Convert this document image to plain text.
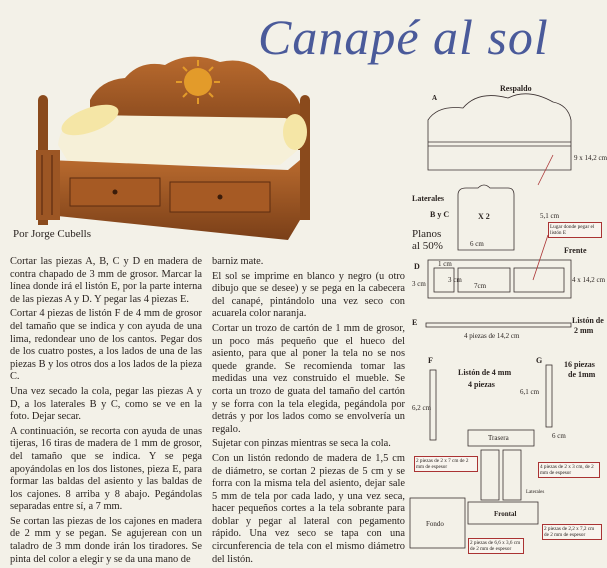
Canapé al sol
Por Jorge Cubells

Cortar las piezas A, B, C y D en madera de contra chapado de 3 mm de grosor. Marcar la línea donde irá el listón E, por la parte interna de las piezas A y D. Y pegar las 4 piezas E.

Cortar 4 piezas de listón F de 4 mm de grosor del tamaño que se indica y con ayuda de una lima, redondear uno de los cantos. Pegar dos de los cuatro postes, a los lados de una de las piezas B y los otros dos a los lados de la pieza C.

Una vez secado la cola, pegar las piezas A y D, a los laterales B y C, como se ve en la foto. Dejar secar.

A continuación, se recorta con ayuda de unas tijeras, 16 tiras de madera de 1 mm de grosor, del tamaño que se indica. Y se pega apoyándolas en los dos listones, pieza E, para formar las baldas del asiento y las baldas de los cajones. 8 arriba y 8 abajo. Pegándolas separadas entre sí, a 7 mm.

Se cortan las piezas de los cajones en madera de 2 mm y se pegan. Se agujerean con un taladro de 3 mm donde irán los tiradores. Se pinta del color a elegir y se da una mano de

barniz mate.

El sol se imprime en blanco y negro (u otro dibujo que se desee) y se pega en la cabecera del canapé, pintándolo una vez seco con acuarela color naranja.

Cortar un trozo de cartón de 1 mm de grosor, un poco más pequeño que el hueco del asiento, para que al poner la tela no se nos quede grande. Se recomienda tomar las medidas una vez construido el mueble. Se corta un trozo de guata del tamaño del cartón y se forra con la tela elegida, pegándola por detrás y por los lados como se envolvería un regalo.

Sujetar con pinzas mientras se seca la cola.

Con un listón redondo de madera de 1,5 cm de diámetro, se cortan 2 piezas de 5 cm y se forra con la misma tela del asiento, dejar sale 5 mm de tela por cada lado, y una vez seca, hacer pequeños cortes a la tela sobrante para doblar y pegar al lateral con pegamento rápido. Una vez seco se tapa con una circunferencia de tela con el mismo diámetro del listón.

A
Respaldo
9 x 14,2 cm
Laterales
B y C	X 2
Planos
al 50%	6 cm
5,1 cm
Lugar donde pegar el listón E
Frente
D	1 cm
3 cm
7cm
3 cm	4 x 14,2 cm
E	Listón de
2 mm
4 piezas de 14,2 cm
F	G
Listón de 4 mm
4 piezas
16 piezas
de 1mm
6,2 cm
6,1 cm
6 cm
Trasera
2 piezas de 2 x 7 cm de 2 mm de espesor	4 piezas de 2 x 3 cm, de 2 mm de espesor
Laterales
Fondo
Frontal
2 piezas de 2,2 x 7,2 cm de 2 mm de espesor
2 piezas de 6,6 x 3,6 cm de 2 mm de espesor
